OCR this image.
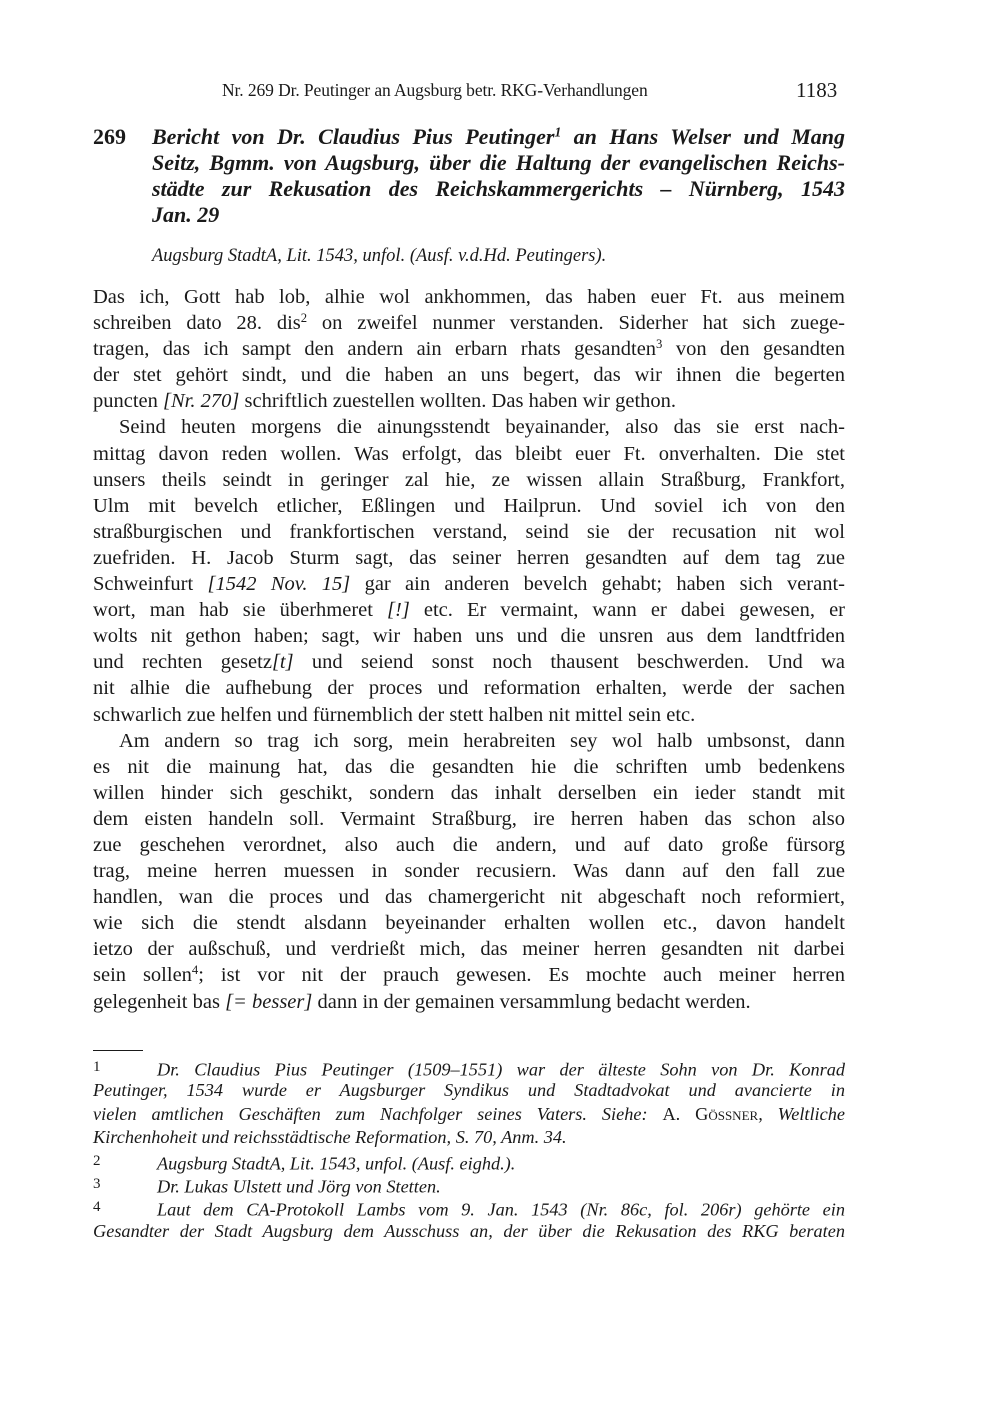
Nr. 269 Dr. Peutinger an Augsburg betr. RKG-Verhandlungen	1183
269 Bericht von Dr. Claudius Pius Peutinger$^1$ an Hans Welser und Mang
Seitz, Bgmm. von Augsburg, über die Haltung der evangelischen Reichs-
städte zur Rekusation des Reichskammergerichts – Nürnberg, 1543
Jan. 29
Augsburg StadtA, Lit. 1543, unfol. (Ausf. v.d.Hd. Peutingers).
Das ich, Gott hab lob, alhie wol ankhommen, das haben euer Ft. aus meinem
schreiben dato 28. dis$^2$ on zweifel nunmer verstanden. Siderher hat sich zuege-
tragen, das ich sampt den andern ain erbarn rhats gesandten$^3$ von den gesandten
der stet gehört sindt, und die haben an uns begert, das wir ihnen die begerten
puncten [Nr. 270] schriftlich zuestellen wollten. Das haben wir gethon.
Seind heuten morgens die ainungsstendt beyainander, also das sie erst nach-
mittag davon reden wollen. Was erfolgt, das bleibt euer Ft. onverhalten. Die stet
unsers theils seindt in geringer zal hie, ze wissen allain Straßburg, Frankfort,
Ulm mit bevelch etlicher, Eßlingen und Hailprun. Und soviel ich von den
straßburgischen und frankfortischen verstand, seind sie der recusation nit wol
zuefriden. H. Jacob Sturm sagt, das seiner herren gesandten auf dem tag zue
Schweinfurt [1542 Nov. 15] gar ain anderen bevelch gehabt; haben sich verant-
wort, man hab sie überhmeret [!] etc. Er vermaint, wann er dabei gewesen, er
wolts nit gethon haben; sagt, wir haben uns und die unsren aus dem landtfriden
und rechten gesetz[t] und seiend sonst noch thausent beschwerden. Und wa
nit alhie die aufhebung der proces und reformation erhalten, werde der sachen
schwarlich zue helfen und fürnemblich der stett halben nit mittel sein etc.
Am andern so trag ich sorg, mein herabreiten sey wol halb umbsonst, dann
es nit die mainung hat, das die gesandten hie die schriften umb bedenkens
willen hinder sich geschikt, sondern das inhalt derselben ein ieder standt mit
dem eisten handeln soll. Vermaint Straßburg, ire herren haben das schon also
zue geschehen verordnet, also auch die andern, und auf dato große fürsorg
trag, meine herren muessen in sonder recusiern. Was dann auf den fall zue
handlen, wan die proces und das chamergericht nit abgeschaft noch reformiert,
wie sich die stendt alsdann beyeinander erhalten wollen etc., davon handelt
ietzo der außschuß, und verdrießt mich, das meiner herren gesandten nit darbei
sein sollen$^4$; ist vor nit der prauch gewesen. Es mochte auch meiner herren
gelegenheit bas [= besser] dann in der gemainen versammlung bedacht werden.
1	Dr. Claudius Pius Peutinger (1509–1551) war der älteste Sohn von Dr. Konrad
Peutinger, 1534 wurde er Augsburger Syndikus und Stadtadvokat und avancierte in
vielen amtlichen Geschäften zum Nachfolger seines Vaters. Siehe: A. Gößner, Weltliche
Kirchenhoheit und reichsstädtische Reformation, S. 70, Anm. 34.
2	Augsburg StadtA, Lit. 1543, unfol. (Ausf. eighd.).
3	Dr. Lukas Ulstett und Jörg von Stetten.
4	Laut dem CA-Protokoll Lambs vom 9. Jan. 1543 (Nr. 86c, fol. 206r) gehörte ein
Gesandter der Stadt Augsburg dem Ausschuss an, der über die Rekusation des RKG beraten
